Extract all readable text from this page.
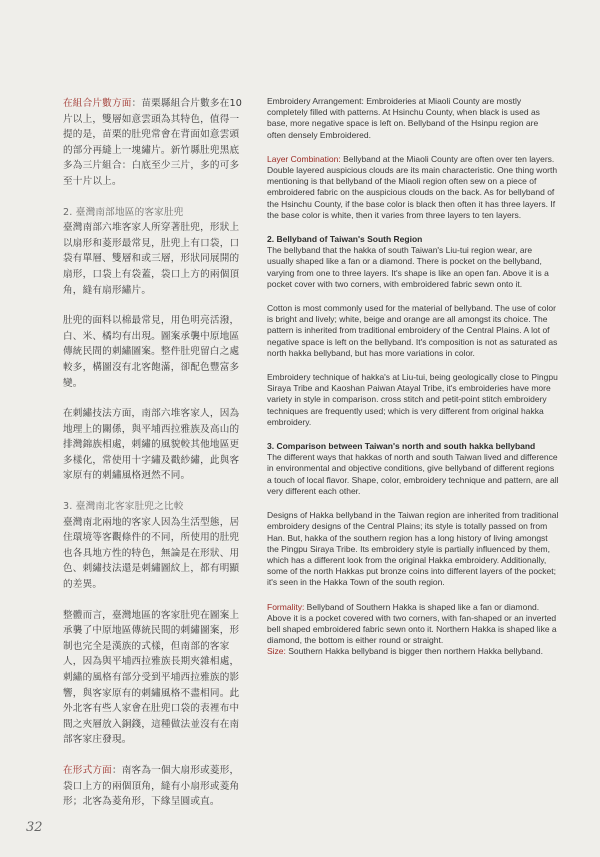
在組合片數方面：苗栗縣組合片數多在10片以上，雙層如意雲頭為其特色，值得一提的是，苗栗的肚兜常會在背面如意雲頭的部分再縫上一塊繡片。新竹縣肚兜黑底多為三片組合：白底至少三片，多的可多至十片以上。

2. 臺灣南部地區的客家肚兜
臺灣南部六堆客家人所穿著肚兜，形狀上以扇形和菱形最常見，肚兜上有口袋，口袋有單層、雙層和或三層，形狀同展開的扇形，口袋上有袋蓋，袋口上方的兩個頂角，縫有扇形繡片。

肚兜的面料以棉最常見，用色明亮活潑，白、米、橘均有出現。圖案承襲中原地區傳統民間的刺繡圖案。整件肚兜留白之處較多，構圖沒有北客飽滿，卻配色豐富多變。

在刺繡技法方面，南部六堆客家人，因為地理上的關係，與平埔西拉雅族及高山的排灣錦族相處，刺繡的風貌較其他地區更多樣化，常使用十字繡及戳紗繡，此與客家原有的刺繡風格迥然不同。

3. 臺灣南北客家肚兜之比較
臺灣南北兩地的客家人因為生活型態，居住環境等客觀條件的不同，所使用的肚兜也各具地方性的特色，無論是在形狀、用色、刺繡技法還是刺繡圖紋上，都有明顯的差異。

整體而言，臺灣地區的客家肚兜在圖案上承襲了中原地區傳統民間的刺繡圖案，形制也完全是漢族的式樣，但南部的客家人，因為與平埔西拉雅族長期夾雜相處，刺繡的風格有部分受到平埔西拉雅族的影響，與客家原有的刺繡風格不盡相同。此外北客有些人家會在肚兜口袋的表裡布中間之夾層放入銅錢，這種做法並沒有在南部客家庄發現。

在形式方面：南客為一個大扇形或菱形，袋口上方的兩個頂角，縫有小扇形或菱角形；北客為菱角形，下緣呈圓或直。

Embroidery Arrangement: Embroideries at Miaoli County are mostly completely filled with patterns. At Hsinchu County, when black is used as base, more negative space is left on. Bellyband of the Hsinpu region are often densely Embroidered.

Layer Combination: Bellyband at the Miaoli County are often over ten layers. Double layered auspicious clouds are its main characteristic. One thing worth mentioning is that bellyband of the Miaoli region often sew on a piece of embroidered fabric on the auspicious clouds on the back. As for bellyband of the Hsinchu County, if the base color is black then often it has three layers. If the base color is white, then it varies from three layers to ten layers.

2. Bellyband of Taiwan's South Region
The bellyband that the hakka of south Taiwan's Liu-tui region wear, are usually shaped like a fan or a diamond. There is pocket on the bellyband, varying from one to three layers. It's shape is like an open fan. Above it is a pocket cover with two corners, with embroidered fabric sewn onto it.

Cotton is most commonly used for the material of bellyband. The use of color is bright and lively; white, beige and orange are all amongst its choice. The pattern is inherited from traditional embroidery of the Central Plains. A lot of negative space is left on the bellyband. It's composition is not as saturated as north hakka bellyband, but has more variations in color.

Embroidery technique of hakka's at Liu-tui, being geologically close to Pingpu Siraya Tribe and Kaoshan Paiwan Atayal Tribe, it's embroideries have more variety in style in comparison. cross stitch and petit-point stitch embroidery techniques are frequently used; which is very different from original hakka embroidery.

3. Comparison between Taiwan's north and south hakka bellyband
The different ways that hakkas of north and south Taiwan lived and difference in environmental and objective conditions, give bellyband of different regions a touch of local flavor. Shape, color, embroidery technique and pattern, are all very different each other.

Designs of Hakka bellyband in the Taiwan region are inherited from traditional embroidery designs of the Central Plains; its style is totally passed on from Han. But, hakka of the southern region has a long history of living amongst the Pingpu Siraya Tribe. Its embroidery style is partially influenced by them, which has a different look from the original Hakka embroidery. Additionally, some of the north Hakkas put bronze coins into different layers of the pocket; it's seen in the Hakka Town of the south region.

Formality: Bellyband of Southern Hakka is shaped like a fan or diamond. Above it is a pocket covered with two corners, with fan-shaped or an inverted bell shaped embroidered fabric sewn onto it. Northern Hakka is shaped like a diamond, the bottom is either round or straight.
Size: Southern Hakka bellyband is bigger then northern Hakka bellyband.

32
